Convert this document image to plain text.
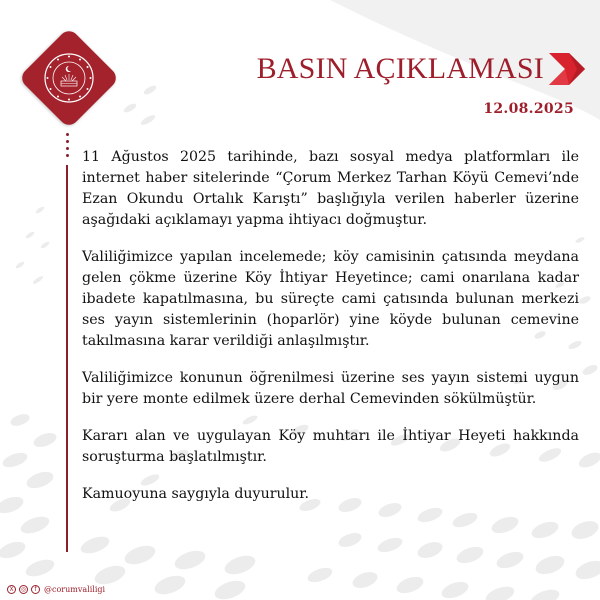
BASIN AÇIKLAMASI
12.08.2025

11 Ağustos 2025 tarihinde, bazı sosyal medya platformları ile internet haber sitelerinde “Çorum Merkez Tarhan Köyü Cemevi’nde Ezan Okundu Ortalık Karıştı” başlığıyla verilen haberler üzerine aşağıdaki açıklamayı yapma ihtiyacı doğmuştur.

Valiliğimizce yapılan incelemede; köy camisinin çatısında meydana gelen çökme üzerine Köy İhtiyar Heyetince; cami onarılana kadar ibadete kapatılmasına, bu süreçte cami çatısında bulunan merkezi ses yayın sistemlerinin (hoparlör) yine köyde bulunan cemevine takılmasına karar verildiği anlaşılmıştır.

Valiliğimizce konunun öğrenilmesi üzerine ses yayın sistemi uygun bir yere monte edilmek üzere derhal Cemevinden sökülmüştür.

Kararı alan ve uygulayan Köy muhtarı ile İhtiyar Heyeti hakkında soruşturma başlatılmıştır.

Kamuoyuna saygıyla duyurulur.

X	◎	f @corumvaliligi
